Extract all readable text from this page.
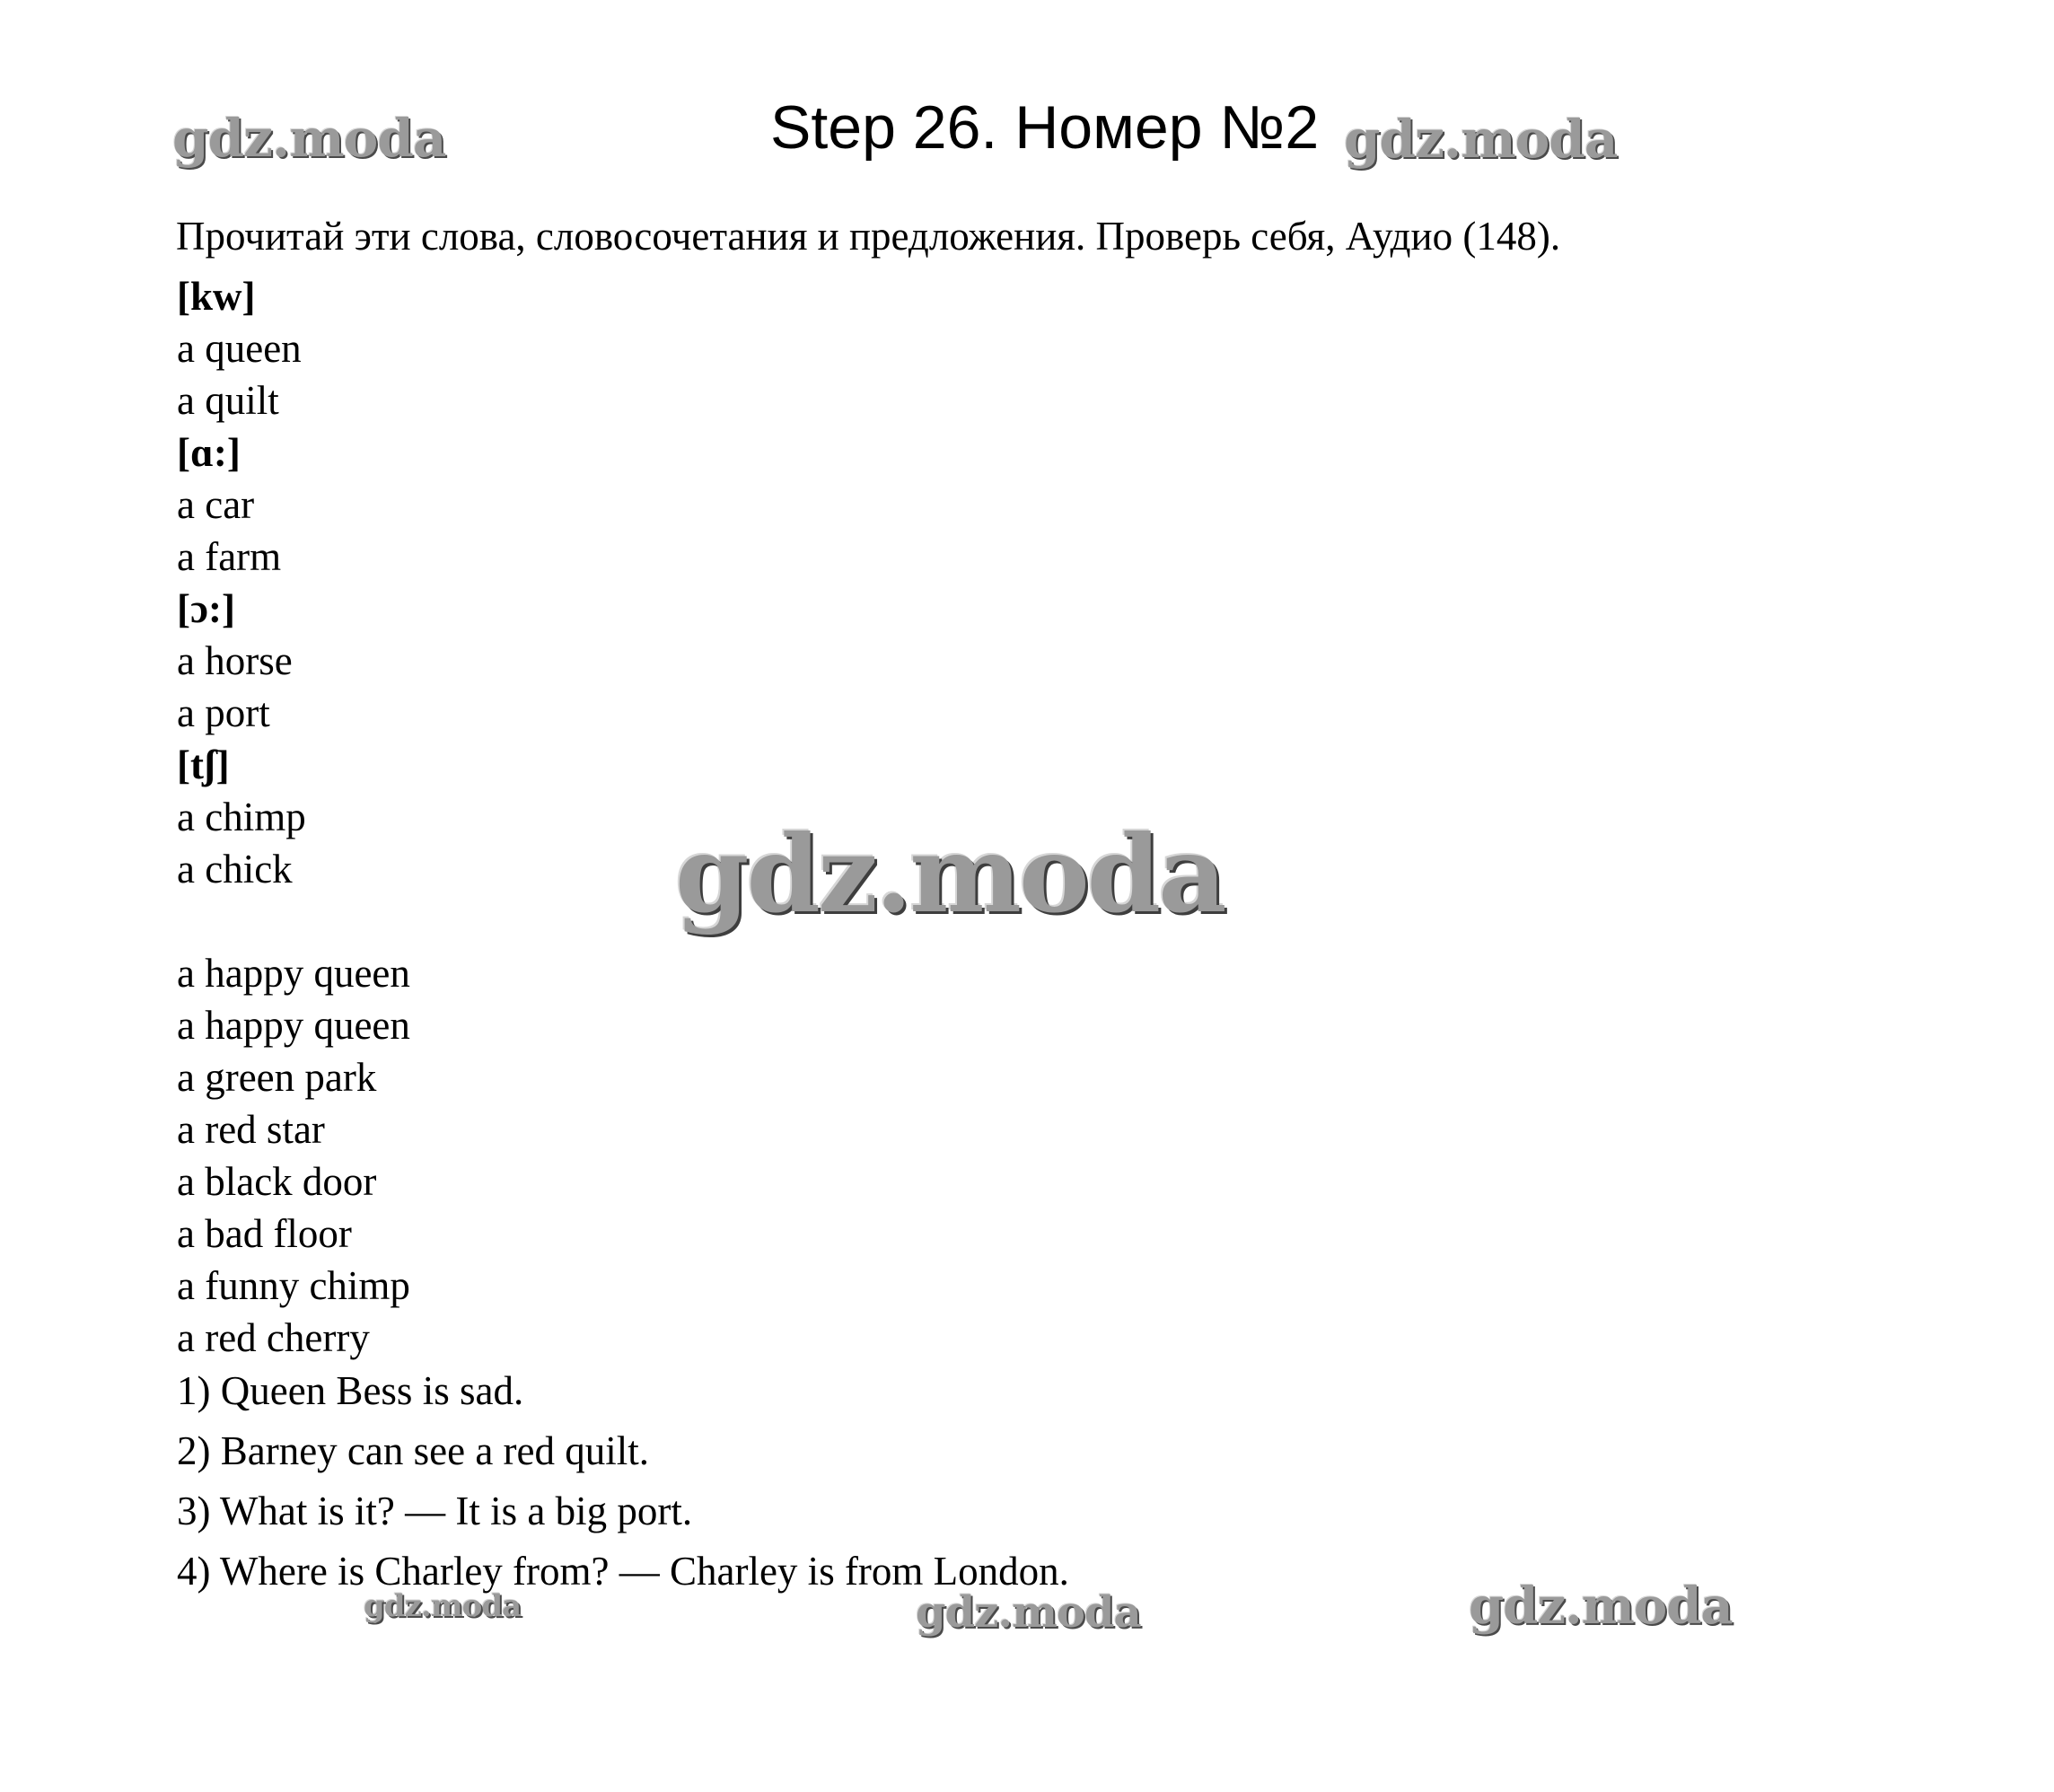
Step 26. Номер №2
Прочитай эти слова, словосочетания и предложения. Проверь себя, Аудио (148).
[kw]
a queen
a quilt
[ɑ:]
a car
a farm
[ɔ:]
a horse
a port
[tʃ]
a chimp
a chick
a happy queen
a happy queen
a green park
a red star
a black door
a bad floor
a funny chimp
a red cherry
1) Queen Bess is sad.
2) Barney can see a red quilt.
3) What is it? — It is a big port.
4) Where is Charley from? — Charley is from London.
gdz.moda	gdz.moda
gdz.moda
gdz.moda	gdz.moda	gdz.moda
